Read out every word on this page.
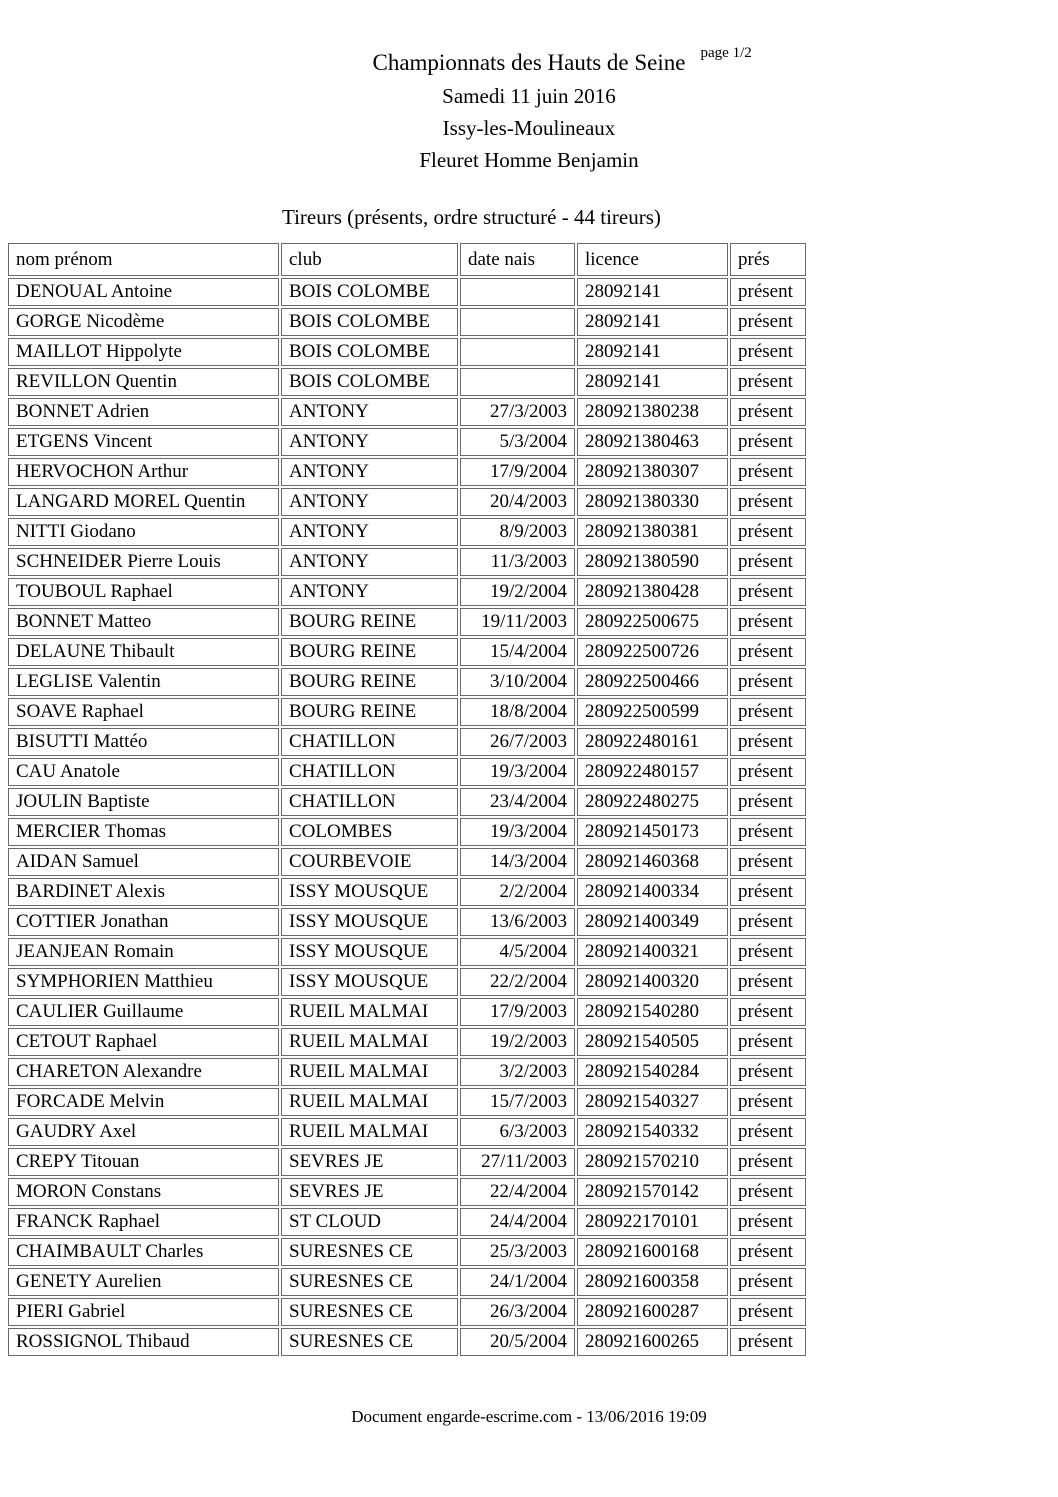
Championnats des Hauts de Seine page 1/2
Samedi 11 juin 2016
Issy-les-Moulineaux
Fleuret Homme Benjamin
Tireurs (présents, ordre structuré - 44 tireurs)
nom prénom	club	date nais	licence	prés
DENOUAL Antoine	BOIS COLOMBE		28092141	présent
GORGE Nicodème	BOIS COLOMBE		28092141	présent
MAILLOT Hippolyte	BOIS COLOMBE		28092141	présent
REVILLON Quentin	BOIS COLOMBE		28092141	présent
BONNET Adrien	ANTONY	27/3/2003	280921380238	présent
ETGENS Vincent	ANTONY	5/3/2004	280921380463	présent
HERVOCHON Arthur	ANTONY	17/9/2004	280921380307	présent
LANGARD MOREL Quentin	ANTONY	20/4/2003	280921380330	présent
NITTI Giodano	ANTONY	8/9/2003	280921380381	présent
SCHNEIDER Pierre Louis	ANTONY	11/3/2003	280921380590	présent
TOUBOUL Raphael	ANTONY	19/2/2004	280921380428	présent
BONNET Matteo	BOURG REINE	19/11/2003	280922500675	présent
DELAUNE Thibault	BOURG REINE	15/4/2004	280922500726	présent
LEGLISE Valentin	BOURG REINE	3/10/2004	280922500466	présent
SOAVE Raphael	BOURG REINE	18/8/2004	280922500599	présent
BISUTTI Mattéo	CHATILLON	26/7/2003	280922480161	présent
CAU Anatole	CHATILLON	19/3/2004	280922480157	présent
JOULIN Baptiste	CHATILLON	23/4/2004	280922480275	présent
MERCIER Thomas	COLOMBES	19/3/2004	280921450173	présent
AIDAN Samuel	COURBEVOIE	14/3/2004	280921460368	présent
BARDINET Alexis	ISSY MOUSQUE	2/2/2004	280921400334	présent
COTTIER Jonathan	ISSY MOUSQUE	13/6/2003	280921400349	présent
JEANJEAN Romain	ISSY MOUSQUE	4/5/2004	280921400321	présent
SYMPHORIEN Matthieu	ISSY MOUSQUE	22/2/2004	280921400320	présent
CAULIER Guillaume	RUEIL MALMAI	17/9/2003	280921540280	présent
CETOUT Raphael	RUEIL MALMAI	19/2/2003	280921540505	présent
CHARETON Alexandre	RUEIL MALMAI	3/2/2003	280921540284	présent
FORCADE Melvin	RUEIL MALMAI	15/7/2003	280921540327	présent
GAUDRY Axel	RUEIL MALMAI	6/3/2003	280921540332	présent
CREPY Titouan	SEVRES JE	27/11/2003	280921570210	présent
MORON Constans	SEVRES JE	22/4/2004	280921570142	présent
FRANCK Raphael	ST CLOUD	24/4/2004	280922170101	présent
CHAIMBAULT Charles	SURESNES CE	25/3/2003	280921600168	présent
GENETY Aurelien	SURESNES CE	24/1/2004	280921600358	présent
PIERI Gabriel	SURESNES CE	26/3/2004	280921600287	présent
ROSSIGNOL Thibaud	SURESNES CE	20/5/2004	280921600265	présent
Document engarde-escrime.com - 13/06/2016 19:09
